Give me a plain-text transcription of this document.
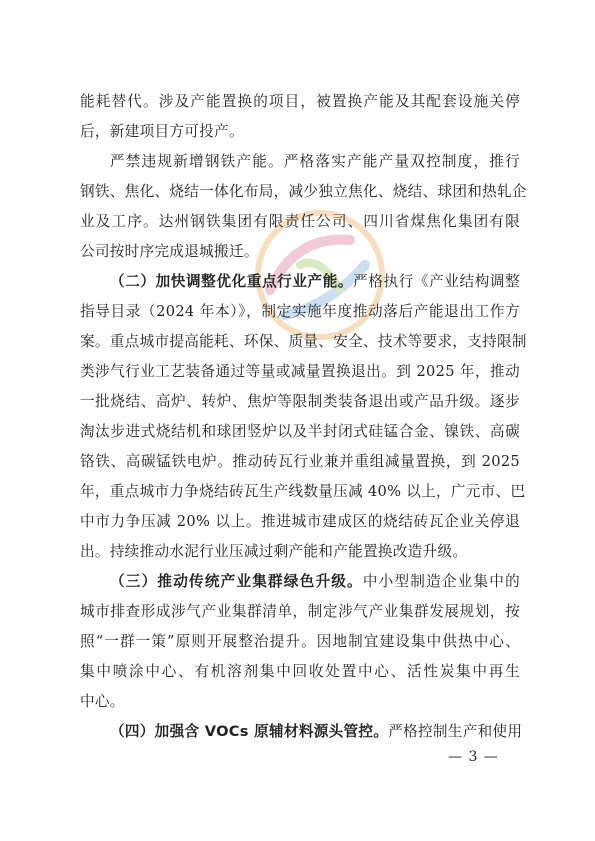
能耗替代。涉及产能置换的项目，被置换产能及其配套设施关停
后，新建项目方可投产。
严禁违规新增钢铁产能。严格落实产能产量双控制度，推行
钢铁、焦化、烧结一体化布局，减少独立焦化、烧结、球团和热轧企
业及工序。达州钢铁集团有限责任公司、四川省煤焦化集团有限
公司按时序完成退城搬迁。
（二）加快调整优化重点行业产能。严格执行《产业结构调整
指导目录（2024 年本）》，制定实施年度推动落后产能退出工作方
案。重点城市提高能耗、环保、质量、安全、技术等要求，支持限制
类涉气行业工艺装备通过等量或减量置换退出。到 2025 年，推动
一批烧结、高炉、转炉、焦炉等限制类装备退出或产品升级。逐步
淘汰步进式烧结机和球团竖炉以及半封闭式硅锰合金、镍铁、高碳
铬铁、高碳锰铁电炉。推动砖瓦行业兼并重组减量置换，到 2025
年，重点城市力争烧结砖瓦生产线数量压减 40% 以上，广元市、巴
中市力争压减 20% 以上。推进城市建成区的烧结砖瓦企业关停退
出。持续推动水泥行业压减过剩产能和产能置换改造升级。
（三）推动传统产业集群绿色升级。中小型制造企业集中的
城市排查形成涉气产业集群清单，制定涉气产业集群发展规划，按
照“一群一策”原则开展整治提升。因地制宜建设集中供热中心、
集中喷涂中心、有机溶剂集中回收处置中心、活性炭集中再生
中心。
（四）加强含 VOCs 原辅材料源头管控。严格控制生产和使用
— 3 —
